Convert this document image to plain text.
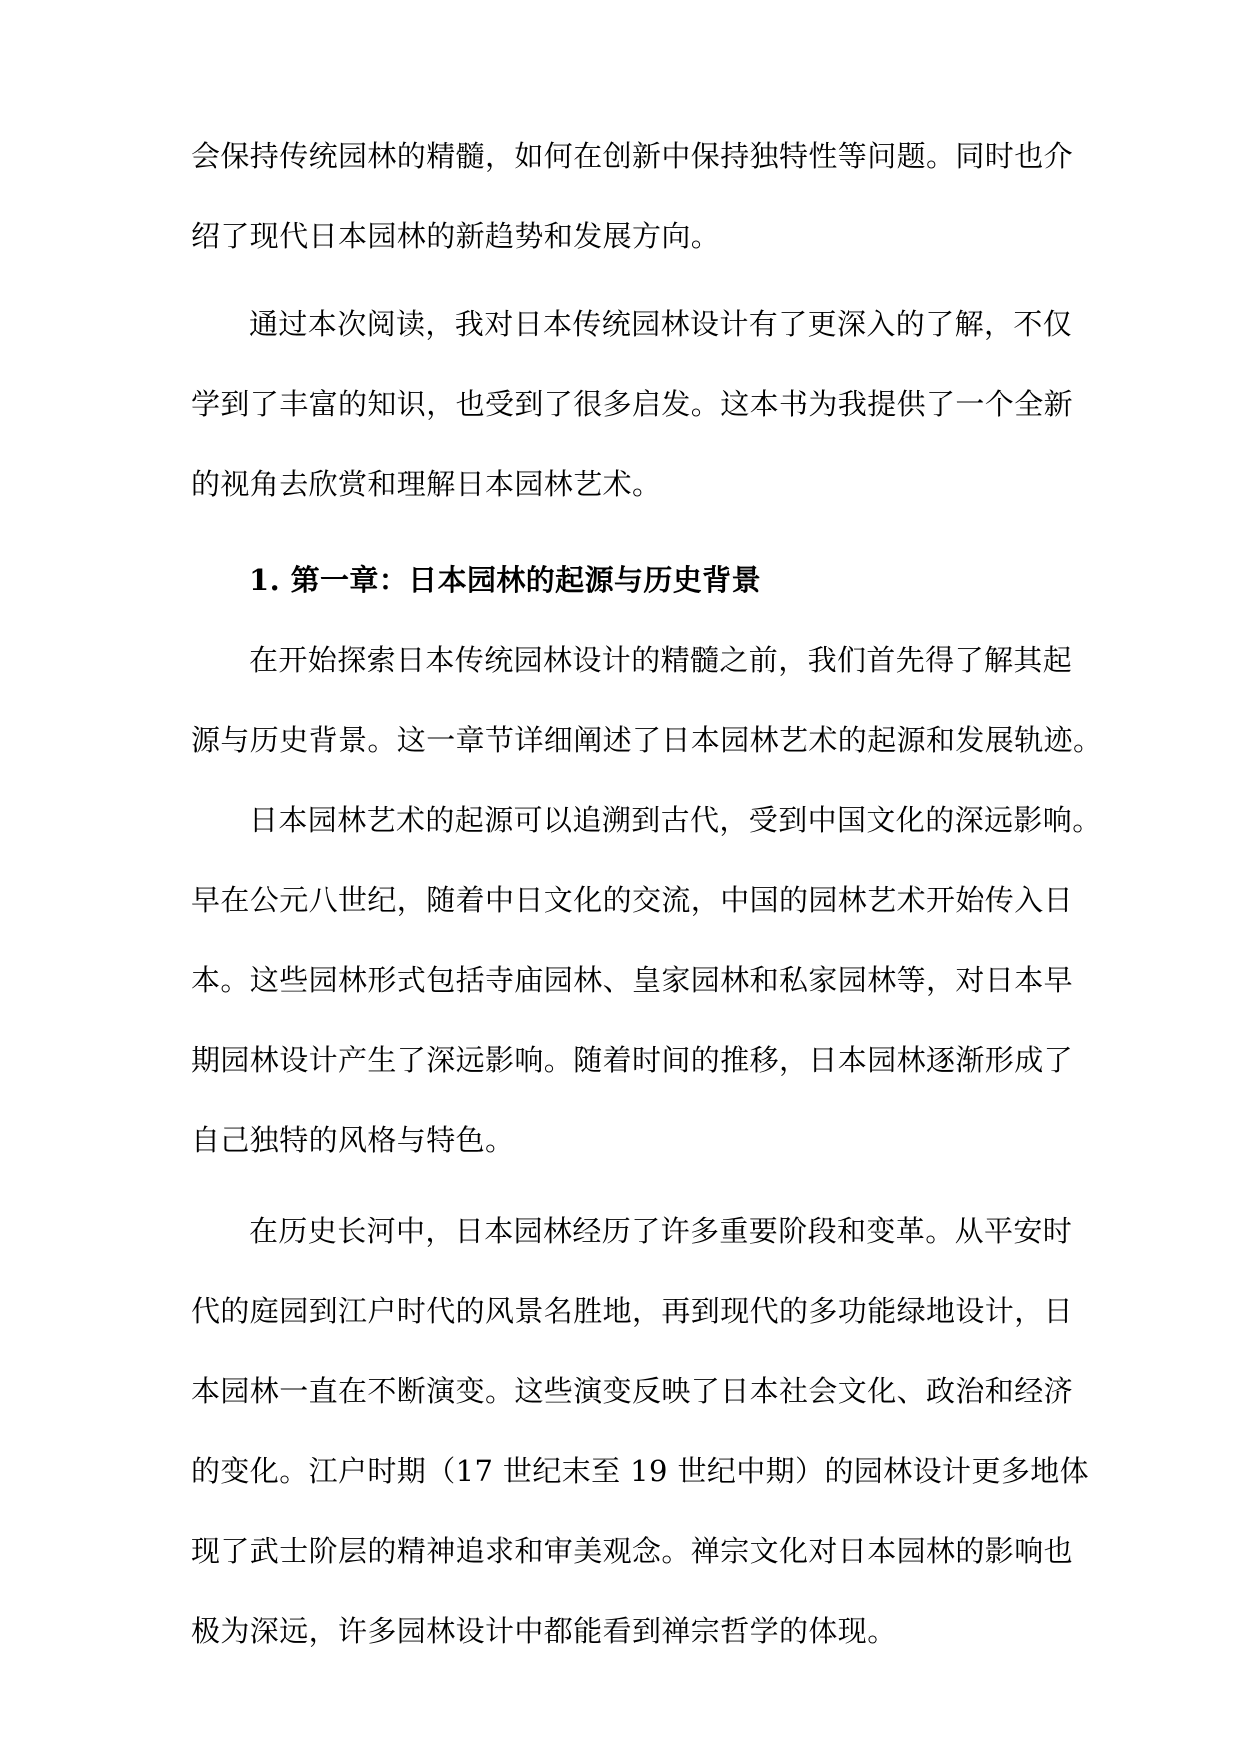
会保持传统园林的精髓，如何在创新中保持独特性等问题。同时也介
绍了现代日本园林的新趋势和发展方向。
通过本次阅读，我对日本传统园林设计有了更深入的了解，不仅
学到了丰富的知识，也受到了很多启发。这本书为我提供了一个全新
的视角去欣赏和理解日本园林艺术。
1. 第一章：日本园林的起源与历史背景
在开始探索日本传统园林设计的精髓之前，我们首先得了解其起
源与历史背景。这一章节详细阐述了日本园林艺术的起源和发展轨迹。
日本园林艺术的起源可以追溯到古代，受到中国文化的深远影响。
早在公元八世纪，随着中日文化的交流，中国的园林艺术开始传入日
本。这些园林形式包括寺庙园林、皇家园林和私家园林等，对日本早
期园林设计产生了深远影响。随着时间的推移，日本园林逐渐形成了
自己独特的风格与特色。
在历史长河中，日本园林经历了许多重要阶段和变革。从平安时
代的庭园到江户时代的风景名胜地，再到现代的多功能绿地设计，日
本园林一直在不断演变。这些演变反映了日本社会文化、政治和经济
的变化。江户时期（17 世纪末至 19 世纪中期）的园林设计更多地体
现了武士阶层的精神追求和审美观念。禅宗文化对日本园林的影响也
极为深远，许多园林设计中都能看到禅宗哲学的体现。
